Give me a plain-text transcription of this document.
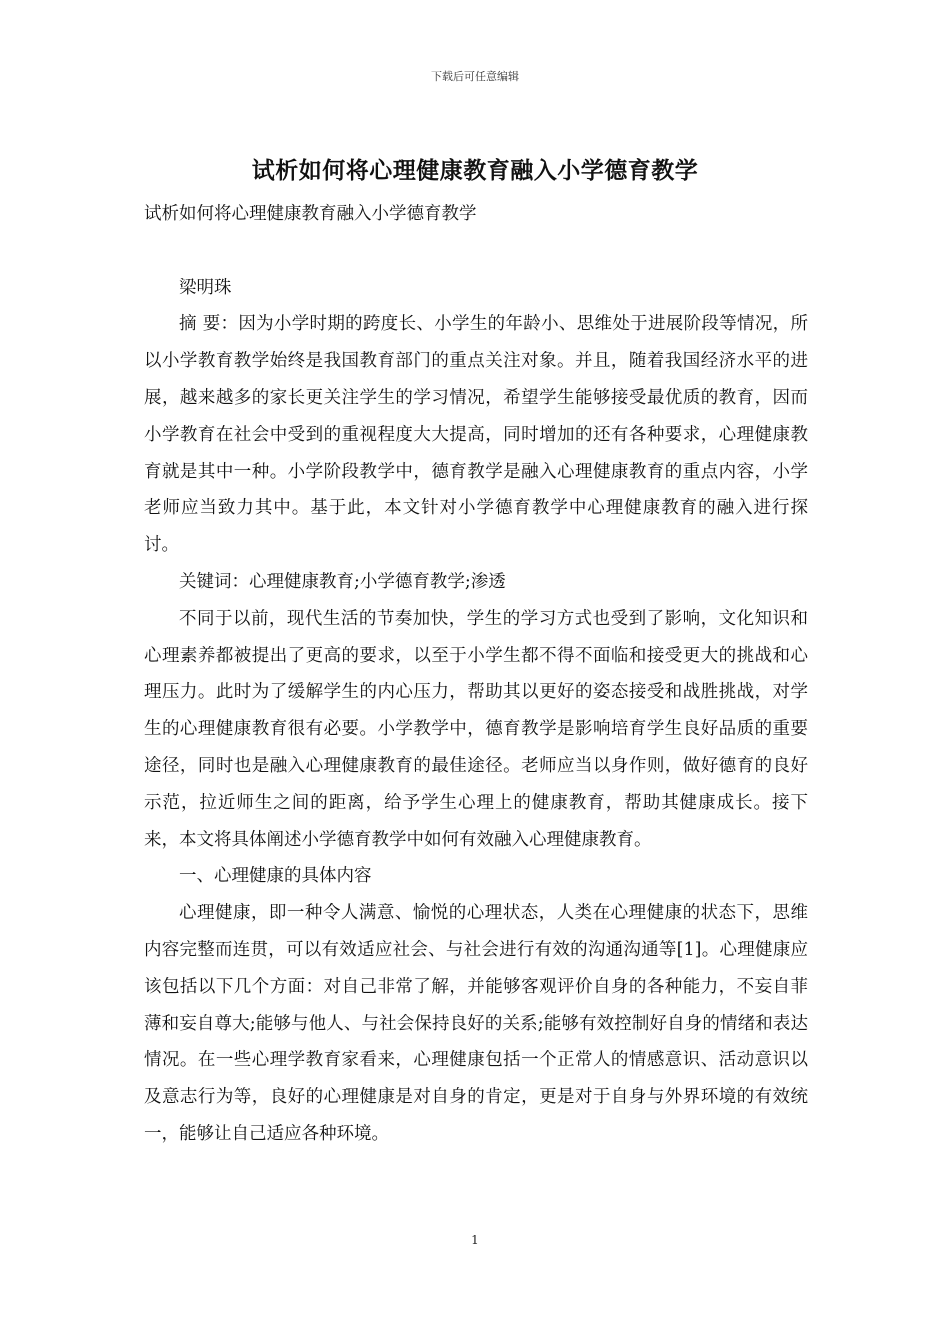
下载后可任意编辑
试析如何将心理健康教育融入小学德育教学

试析如何将心理健康教育融入小学德育教学

梁明珠

摘 要：因为小学时期的跨度长、小学生的年龄小、思维处于进展阶段等情况，所以小学教育教学始终是我国教育部门的重点关注对象。并且，随着我国经济水平的进展，越来越多的家长更关注学生的学习情况，希望学生能够接受最优质的教育，因而小学教育在社会中受到的重视程度大大提高，同时增加的还有各种要求，心理健康教育就是其中一种。小学阶段教学中，德育教学是融入心理健康教育的重点内容，小学老师应当致力其中。基于此，本文针对小学德育教学中心理健康教育的融入进行探讨。

关键词：心理健康教育;小学德育教学;渗透

不同于以前，现代生活的节奏加快，学生的学习方式也受到了影响，文化知识和心理素养都被提出了更高的要求，以至于小学生都不得不面临和接受更大的挑战和心理压力。此时为了缓解学生的内心压力，帮助其以更好的姿态接受和战胜挑战，对学生的心理健康教育很有必要。小学教学中，德育教学是影响培育学生良好品质的重要途径，同时也是融入心理健康教育的最佳途径。老师应当以身作则，做好德育的良好示范，拉近师生之间的距离，给予学生心理上的健康教育，帮助其健康成长。接下来，本文将具体阐述小学德育教学中如何有效融入心理健康教育。

一、心理健康的具体内容

心理健康，即一种令人满意、愉悦的心理状态，人类在心理健康的状态下，思维内容完整而连贯，可以有效适应社会、与社会进行有效的沟通沟通等[1]。心理健康应该包括以下几个方面：对自己非常了解，并能够客观评价自身的各种能力，不妄自菲薄和妄自尊大;能够与他人、与社会保持良好的关系;能够有效控制好自身的情绪和表达情况。在一些心理学教育家看来，心理健康包括一个正常人的情感意识、活动意识以及意志行为等，良好的心理健康是对自身的肯定，更是对于自身与外界环境的有效统一，能够让自己适应各种环境。

1
